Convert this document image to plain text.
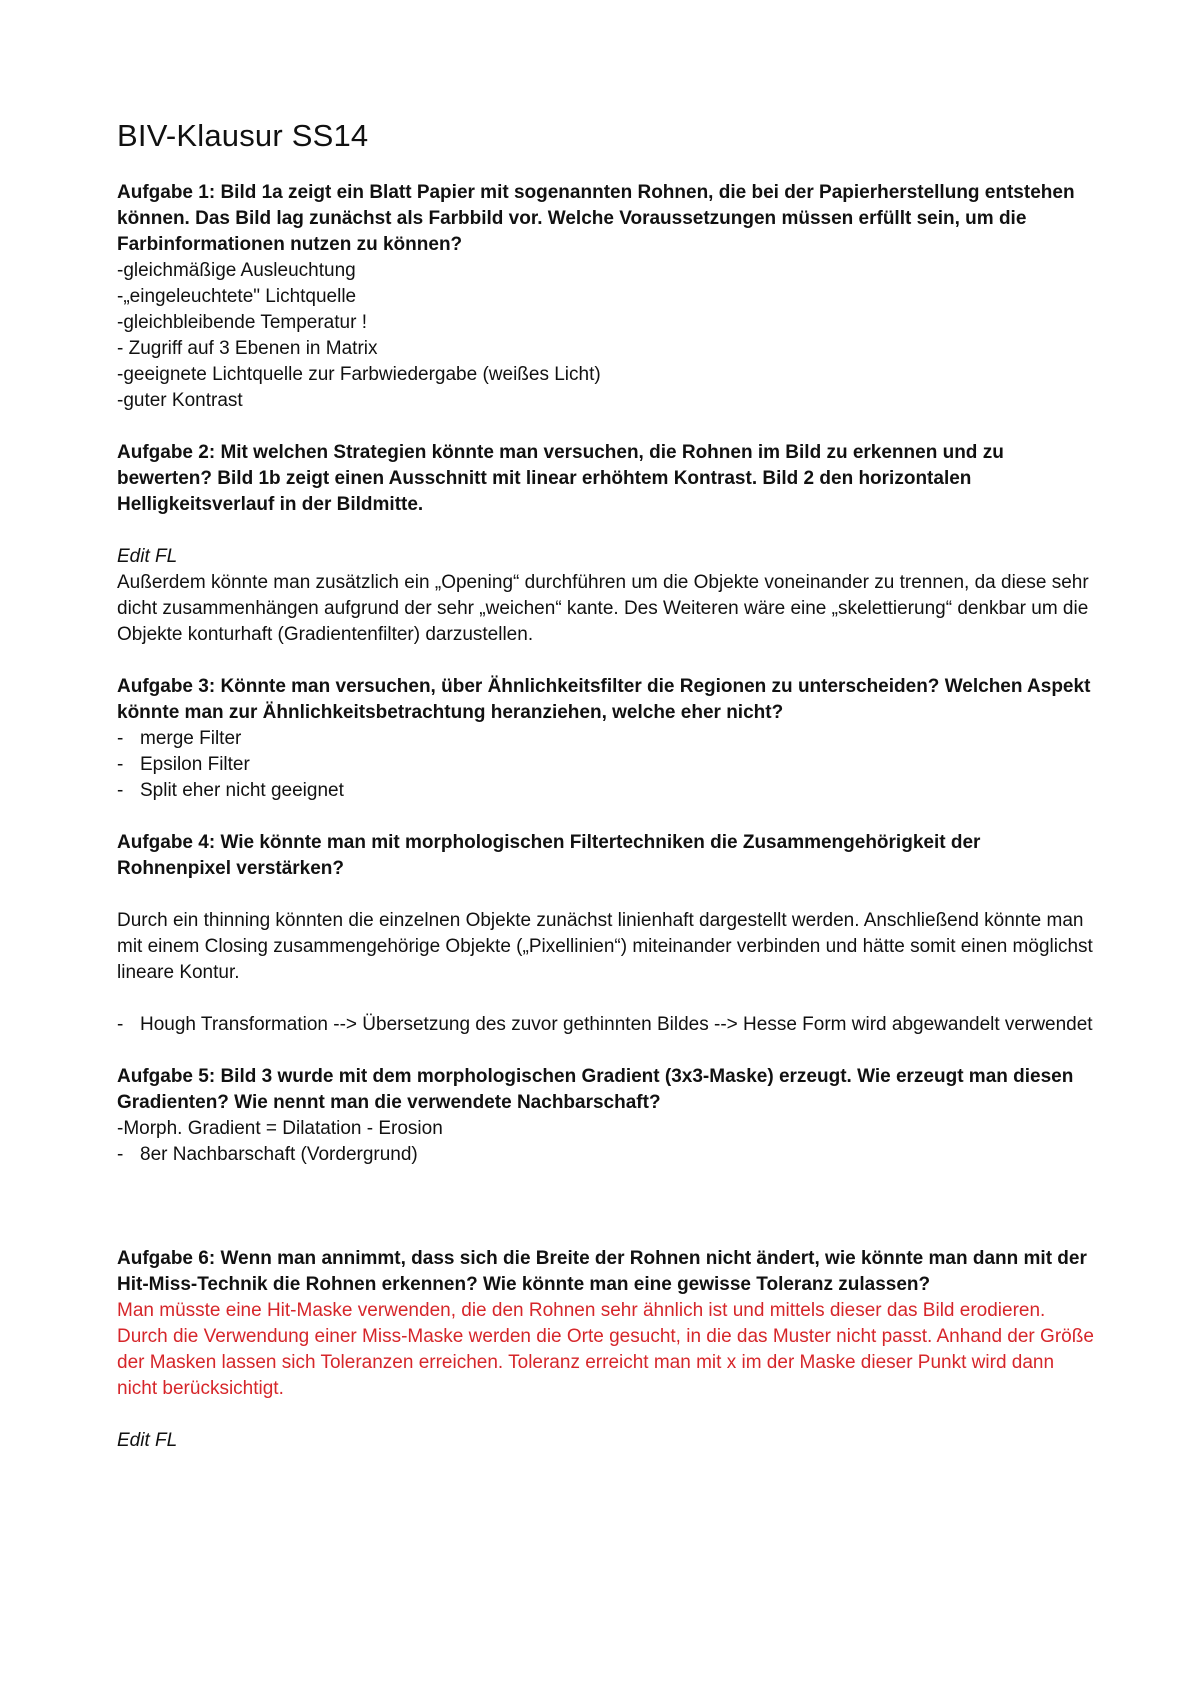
BIV-Klausur SS14

Aufgabe 1: Bild 1a zeigt ein Blatt Papier mit sogenannten Rohnen, die bei der Papierherstellung entstehen können. Das Bild lag zunächst als Farbbild vor. Welche Voraussetzungen müssen erfüllt sein, um die Farbinformationen nutzen zu können?

-gleichmäßige Ausleuchtung

-„eingeleuchtete" Lichtquelle

-gleichbleibende Temperatur !

- Zugriff auf 3 Ebenen in Matrix

-geeignete Lichtquelle zur Farbwiedergabe (weißes Licht)

-guter Kontrast

Aufgabe 2: Mit welchen Strategien könnte man versuchen, die Rohnen im Bild zu erkennen und zu bewerten? Bild 1b zeigt einen Ausschnitt mit linear erhöhtem Kontrast. Bild 2 den horizontalen Helligkeitsverlauf in der Bildmitte.

Edit FL

Außerdem könnte man zusätzlich ein „Opening“ durchführen um die Objekte voneinander zu trennen, da diese sehr dicht zusammenhängen aufgrund der sehr „weichen“ kante. Des Weiteren wäre eine „skelettierung“ denkbar um die Objekte konturhaft (Gradientenfilter) darzustellen.

Aufgabe 3: Könnte man versuchen, über Ähnlichkeitsfilter die Regionen zu unterscheiden? Welchen Aspekt könnte man zur Ähnlichkeitsbetrachtung heranziehen, welche eher nicht?

- merge Filter
- Epsilon Filter
- Split eher nicht geeignet

Aufgabe 4: Wie könnte man mit morphologischen Filtertechniken die Zusammengehörigkeit der Rohnenpixel verstärken?

Durch ein thinning könnten die einzelnen Objekte zunächst linienhaft dargestellt werden. Anschließend könnte man mit einem Closing zusammengehörige Objekte („Pixellinien“) miteinander verbinden und hätte somit einen möglichst lineare Kontur.

- Hough Transformation --> Übersetzung des zuvor gethinnten Bildes --> Hesse Form wird abgewandelt verwendet

Aufgabe 5: Bild 3 wurde mit dem morphologischen Gradient (3x3-Maske) erzeugt. Wie erzeugt man diesen Gradienten? Wie nennt man die verwendete Nachbarschaft?

-Morph. Gradient = Dilatation - Erosion

- 8er Nachbarschaft (Vordergrund)

Aufgabe 6: Wenn man annimmt, dass sich die Breite der Rohnen nicht ändert, wie könnte man dann mit der Hit-Miss-Technik die Rohnen erkennen? Wie könnte man eine gewisse Toleranz zulassen?

Man müsste eine Hit-Maske verwenden, die den Rohnen sehr ähnlich ist und mittels dieser das Bild erodieren. Durch die Verwendung einer Miss-Maske werden die Orte gesucht, in die das Muster nicht passt. Anhand der Größe der Masken lassen sich Toleranzen erreichen. Toleranz erreicht man mit x im der Maske dieser Punkt wird dann nicht berücksichtigt.

Edit FL
